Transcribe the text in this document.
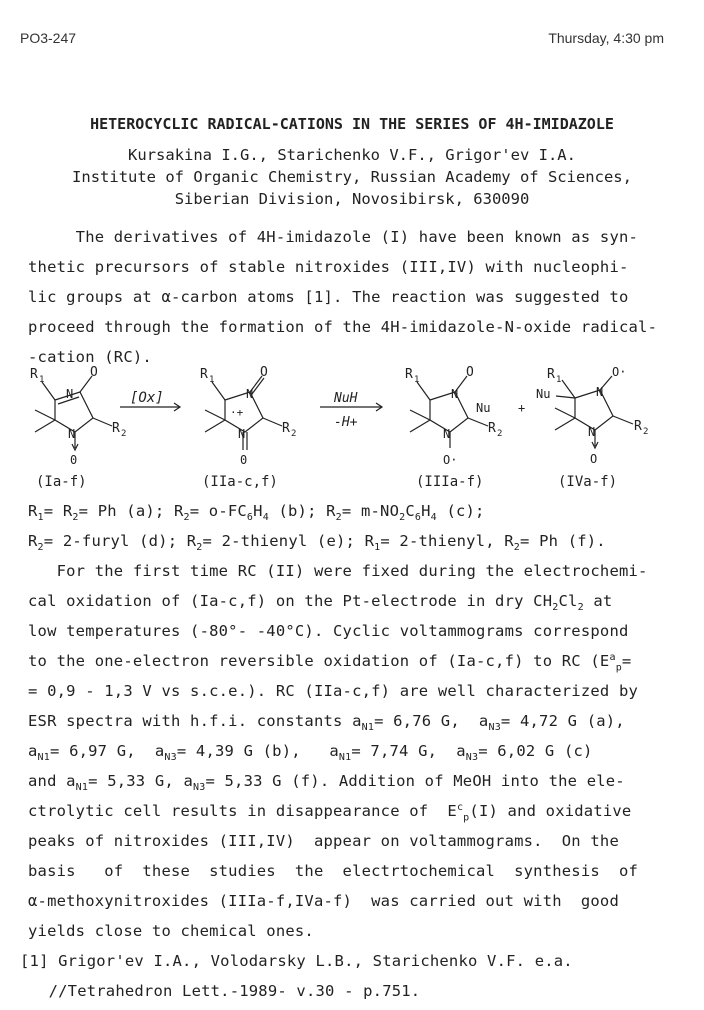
PO3-247	Thursday, 4:30 pm
HETEROCYCLIC RADICAL-CATIONS IN THE SERIES OF 4H-IMIDAZOLE
Kursakina I.G., Starichenko V.F., Grigor'ev I.A.
Institute of Organic Chemistry, Russian Academy of Sciences,
Siberian Division, Novosibirsk, 630090
The derivatives of 4H-imidazole (I) have been known as syn-
thetic precursors of stable nitroxides (III,IV) with nucleophi-
lic groups at α-carbon atoms [1]. The reaction was suggested to
proceed through the formation of the 4H-imidazole-N-oxide radical-
-cation (RC).
R 1	O
N
R 2
N
0
[Ox]
R 1	O
N
·+
R 2
N
0
NuH
-H+
R 1	O
N
Nu
R 2
N
O·
+
R 1
O·
Nu	N
R 2
N
O
(Ia-f)	(IIa-c,f)	(IIIa-f)	(IVa-f)
$R_1= R_2= Ph$ (a); $R_2= o-FC_6H_4$ (b); $R_2= m-NO_2C_6H_4$ (c);
$R_2=$ 2-furyl (d); $R_2=$ 2-thienyl (e); $R_1=$ 2-thienyl, $R_2= Ph$ (f).
For the first time RC (II) were fixed during the electrochemi-
cal oxidation of (Ia-c,f) on the Pt-electrode in dry $CH_2Cl_2$ at
low temperatures (-80°- -40°C). Cyclic voltammograms correspond
to the one-electron reversible oxidation of (Ia-c,f) to RC ($E^a_p=$
= 0,9 - 1,3 V vs s.c.e.). RC (IIa-c,f) are well characterized by
ESR spectra with h.f.i. constants $a_{N1}= 6,76$ G,  $a_{N3}= 4,72$ G (a),
$a_{N1}= 6,97$ G,  $a_{N3}= 4,39$ G (b),   $a_{N1}= 7,74$ G,  $a_{N3}= 6,02$ G (c)
and $a_{N1}= 5,33$ G, $a_{N3}= 5,33$ G (f). Addition of MeOH into the ele-
ctrolytic cell results in disappearance of  $E^c_p(I)$ and oxidative
peaks of nitroxides (III,IV)  appear on voltammograms.  On the
basis   of  these  studies  the  electrtochemical  synthesis  of
α-methoxynitroxides (IIIa-f,IVa-f)  was carried out with  good
yields close to chemical ones.
[1] Grigor'ev I.A., Volodarsky L.B., Starichenko V.F. e.a.
//Tetrahedron Lett.-1989- v.30 - p.751.
